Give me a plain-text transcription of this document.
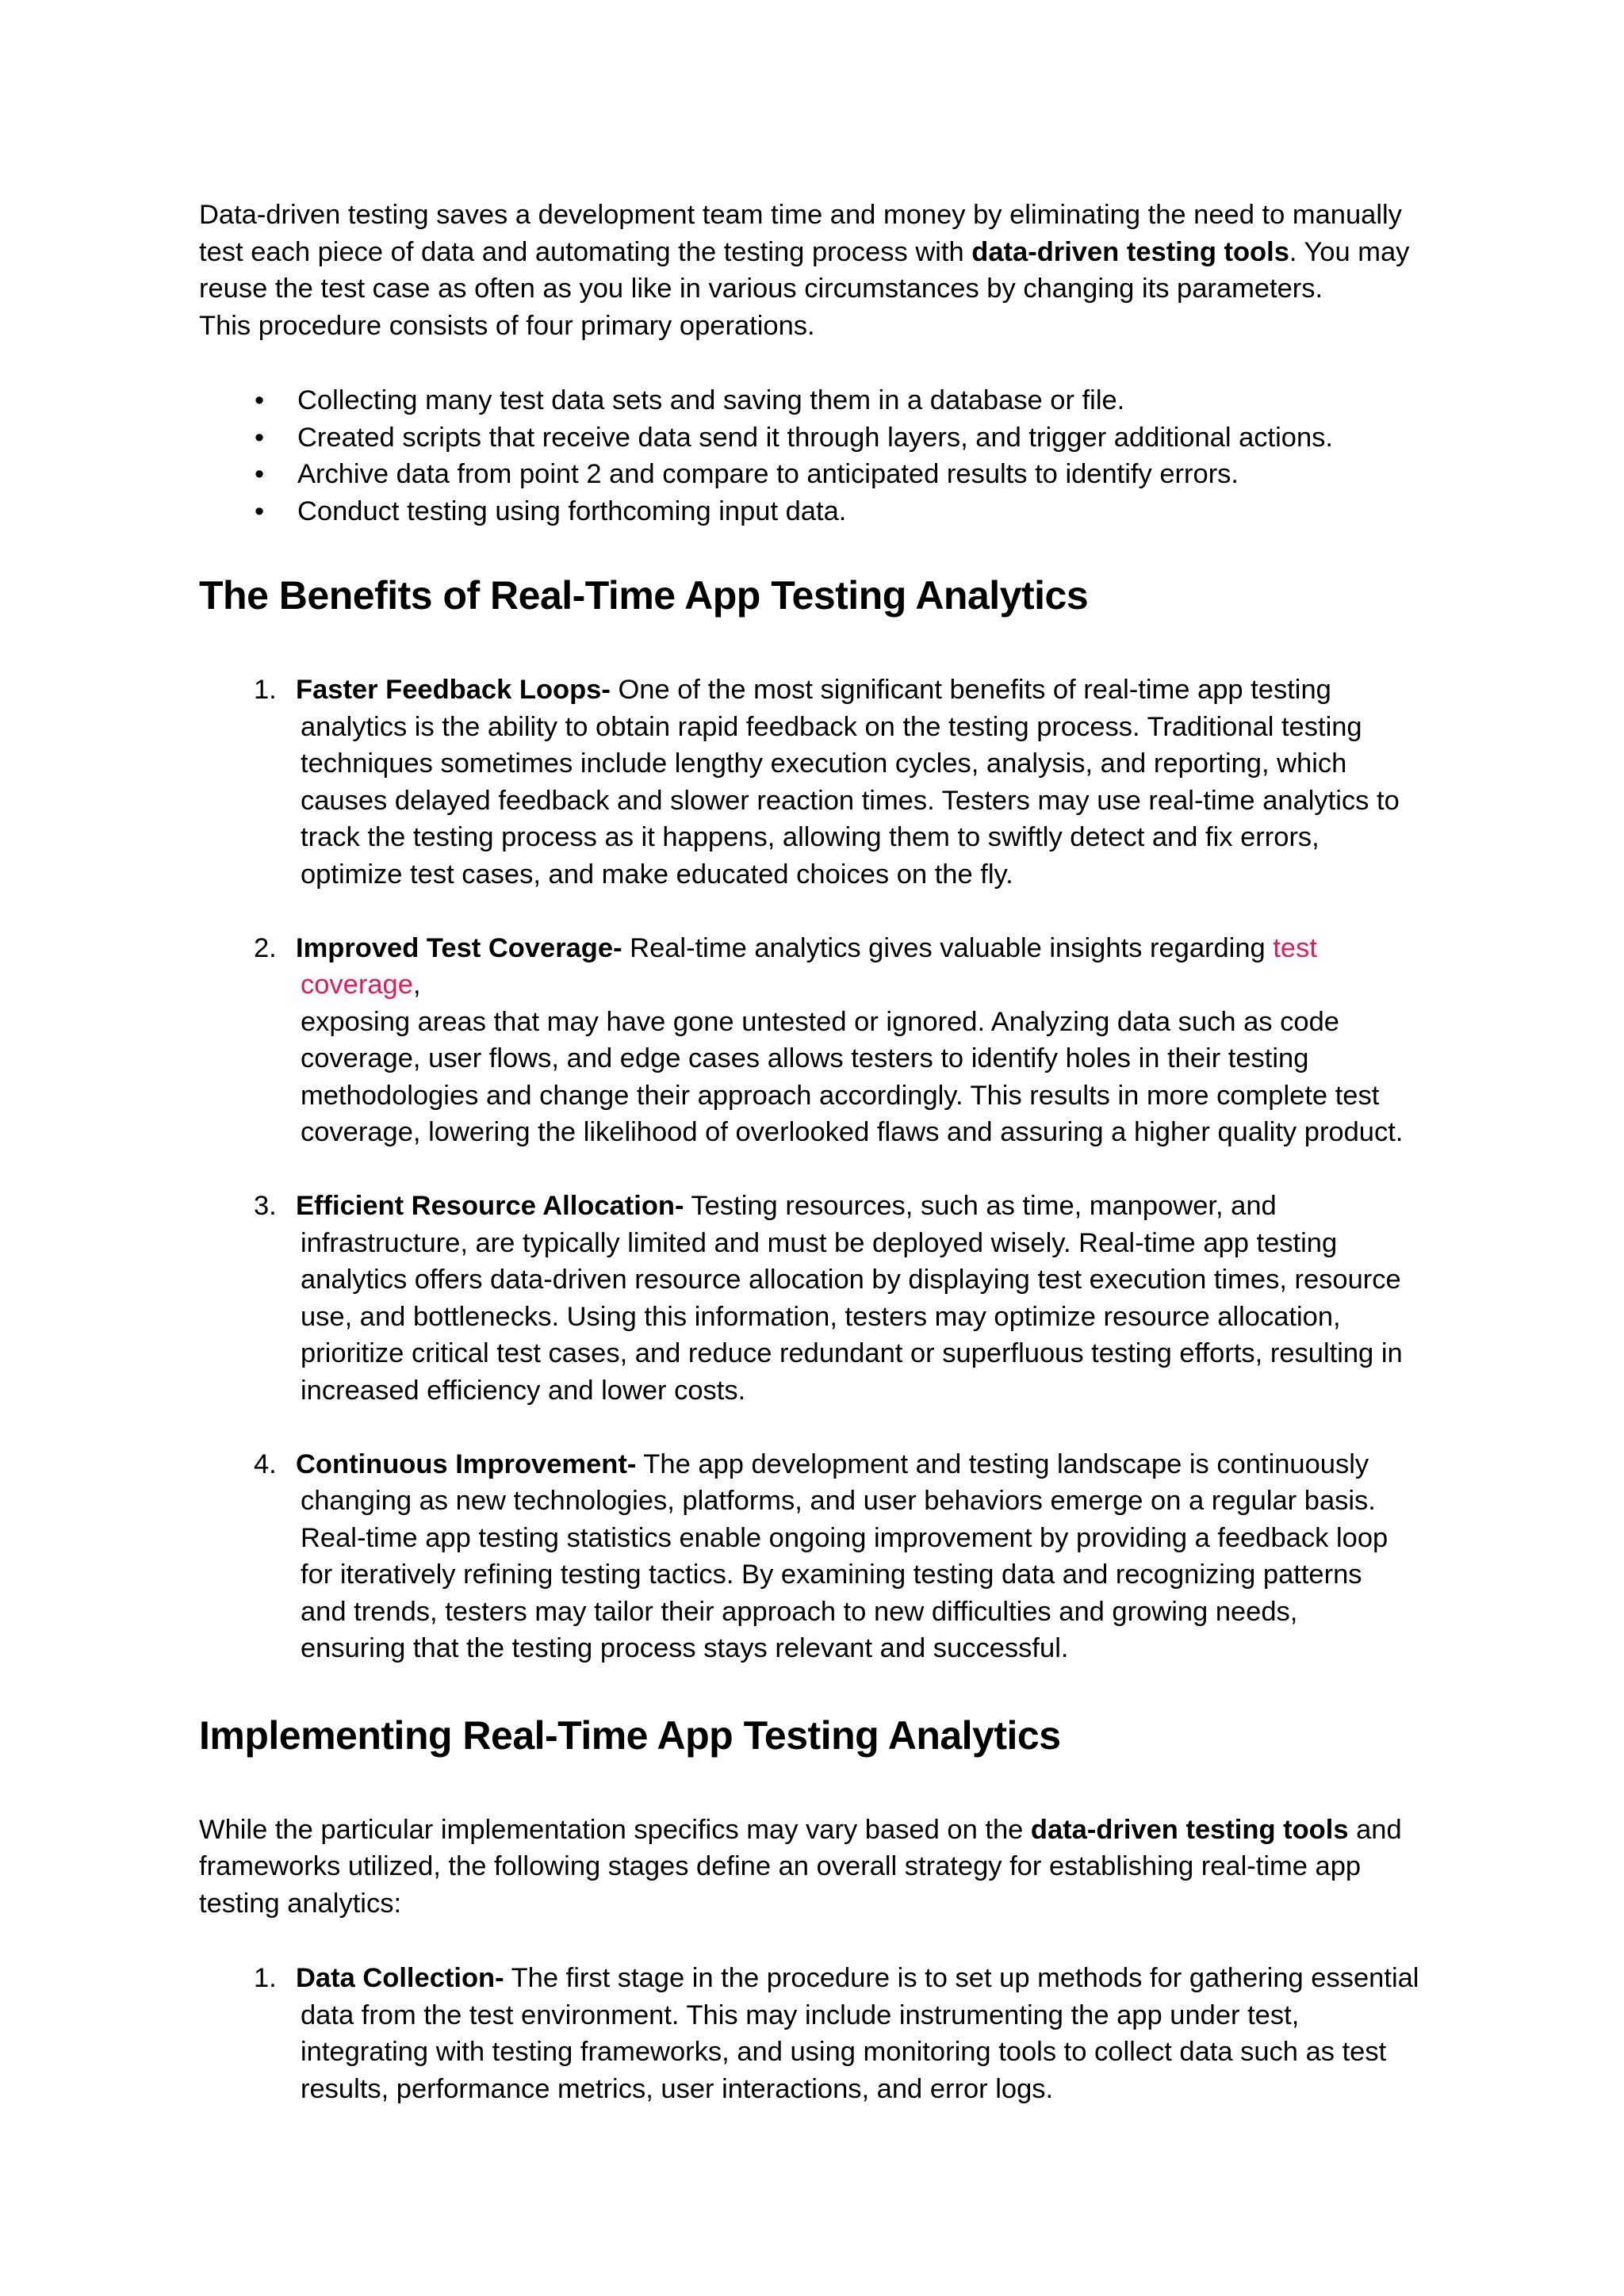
Data-driven testing saves a development team time and money by eliminating the need to manually

test each piece of data and automating the testing process with data-driven testing tools. You may

reuse the test case as often as you like in various circumstances by changing its parameters.

This procedure consists of four primary operations.

• Collecting many test data sets and saving them in a database or file.
• Created scripts that receive data send it through layers, and trigger additional actions.
• Archive data from point 2 and compare to anticipated results to identify errors.
• Conduct testing using forthcoming input data.
The Benefits of Real-Time App Testing Analytics
1. Faster Feedback Loops- One of the most significant benefits of real-time app testing
analytics is the ability to obtain rapid feedback on the testing process. Traditional testing
techniques sometimes include lengthy execution cycles, analysis, and reporting, which
causes delayed feedback and slower reaction times. Testers may use real-time analytics to
track the testing process as it happens, allowing them to swiftly detect and fix errors,
optimize test cases, and make educated choices on the fly.
2. Improved Test Coverage- Real-time analytics gives valuable insights regarding test coverage,
exposing areas that may have gone untested or ignored. Analyzing data such as code
coverage, user flows, and edge cases allows testers to identify holes in their testing
methodologies and change their approach accordingly. This results in more complete test
coverage, lowering the likelihood of overlooked flaws and assuring a higher quality product.
3. Efficient Resource Allocation- Testing resources, such as time, manpower, and
infrastructure, are typically limited and must be deployed wisely. Real-time app testing
analytics offers data-driven resource allocation by displaying test execution times, resource
use, and bottlenecks. Using this information, testers may optimize resource allocation,
prioritize critical test cases, and reduce redundant or superfluous testing efforts, resulting in
increased efficiency and lower costs.
4. Continuous Improvement- The app development and testing landscape is continuously
changing as new technologies, platforms, and user behaviors emerge on a regular basis.
Real-time app testing statistics enable ongoing improvement by providing a feedback loop
for iteratively refining testing tactics. By examining testing data and recognizing patterns
and trends, testers may tailor their approach to new difficulties and growing needs,
ensuring that the testing process stays relevant and successful.
Implementing Real-Time App Testing Analytics

While the particular implementation specifics may vary based on the data-driven testing tools and

frameworks utilized, the following stages define an overall strategy for establishing real-time app

testing analytics:

1. Data Collection- The first stage in the procedure is to set up methods for gathering essential
data from the test environment. This may include instrumenting the app under test,
integrating with testing frameworks, and using monitoring tools to collect data such as test
results, performance metrics, user interactions, and error logs.
